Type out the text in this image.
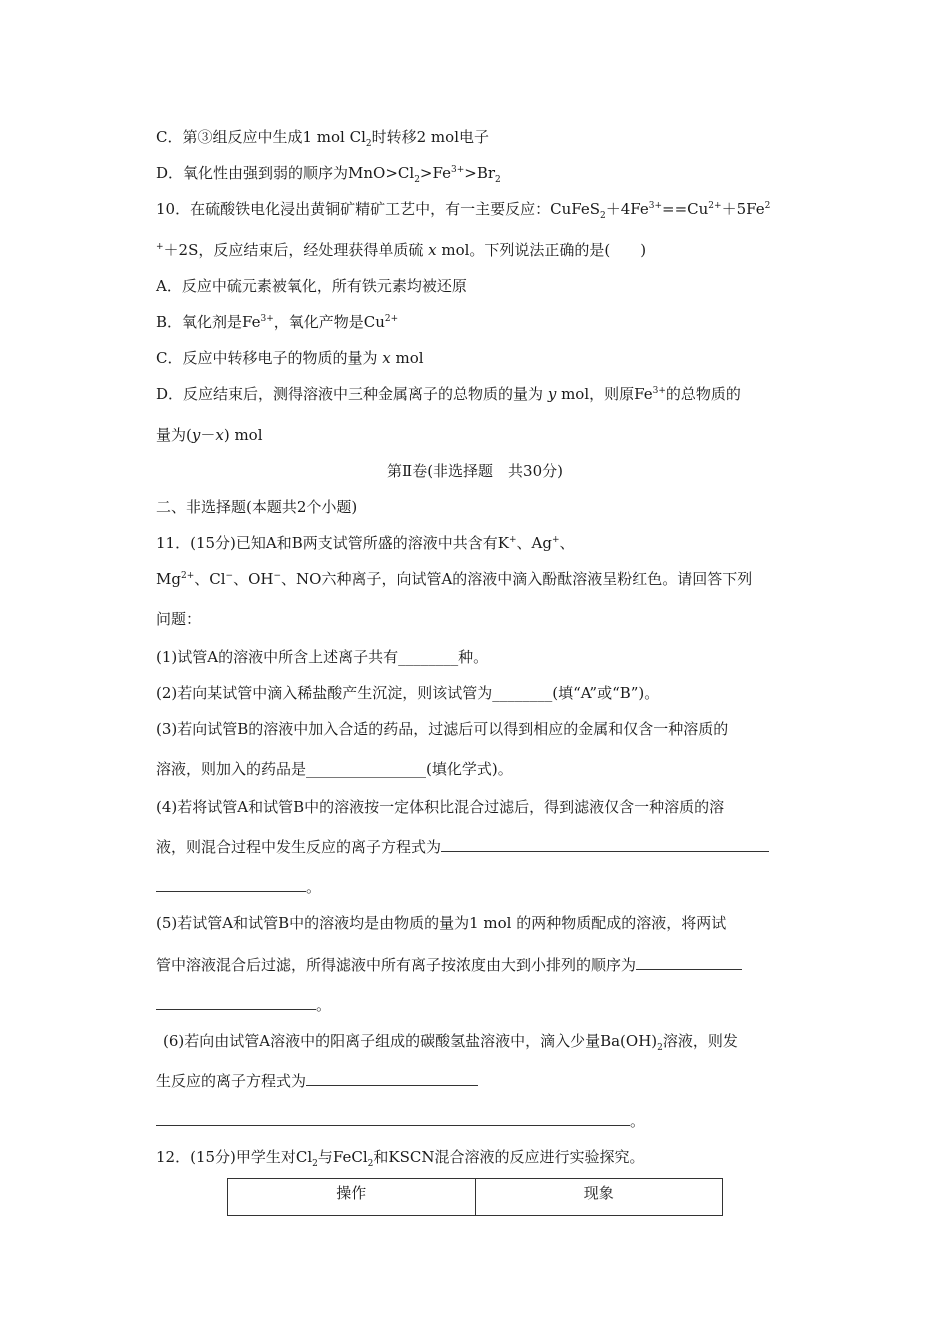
C．第③组反应中生成1 mol $Cl_2$时转移2 mol电子
D．氧化性由强到弱的顺序为$MnO>Cl_2>Fe^{3+}>Br_2$
10．在硫酸铁电化浸出黄铜矿精矿工艺中，有一主要反应：$CuFeS_2+4Fe^{3+}==Cu^{2+}+5Fe^2$
+＋2S，反应结束后，经处理获得单质硫 x mol。下列说法正确的是(　　)
A．反应中硫元素被氧化，所有铁元素均被还原
B．氧化剂是$Fe^{3+}$，氧化产物是$Cu^{2+}$
C．反应中转移电子的物质的量为 x mol
D．反应结束后，测得溶液中三种金属离子的总物质的量为 y mol，则原$Fe^{3+}$的总物质的
量为(y－x) mol
第Ⅱ卷(非选择题　共30分)
二、非选择题(本题共2个小题)
11．(15分)已知A和B两支试管所盛的溶液中共含有K+、Ag+、
$Mg^{2+}$、Cl−、OH−、NO六种离子，向试管A的溶液中滴入酚酞溶液呈粉红色。请回答下列
问题：
(1)试管A的溶液中所含上述离子共有________种。
(2)若向某试管中滴入稀盐酸产生沉淀，则该试管为________(填“A”或“B”)。
(3)若向试管B的溶液中加入合适的药品，过滤后可以得到相应的金属和仅含一种溶质的
溶液，则加入的药品是________________(填化学式)。
(4)若将试管A和试管B中的溶液按一定体积比混合过滤后，得到滤液仅含一种溶质的溶
液，则混合过程中发生反应的离子方程式为
。
(5)若试管A和试管B中的溶液均是由物质的量为1 mol 的两种物质配成的溶液，将两试
管中溶液混合后过滤，所得滤液中所有离子按浓度由大到小排列的顺序为
。
(6)若向由试管A溶液中的阳离子组成的碳酸氢盐溶液中，滴入少量$Ba(OH)_2$溶液，则发
生反应的离子方程式为
。
12．(15分)甲学生对$Cl_2$与FeCl$_2$和KSCN混合溶液的反应进行实验探究。
操作	现象
